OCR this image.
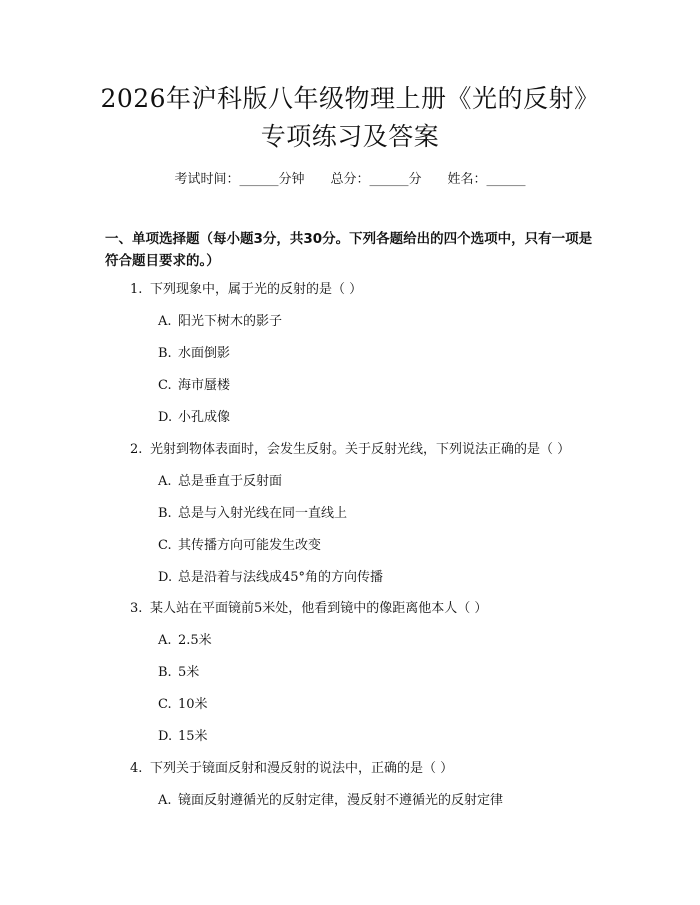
2026年沪科版八年级物理上册《光的反射》
专项练习及答案
考试时间：______分钟 总分：______分 姓名：______
一、单项选择题（每小题3分，共30分。下列各题给出的四个选项中，只有一项是符合题目要求的。）
1. 下列现象中，属于光的反射的是（ ）
A. 阳光下树木的影子
B. 水面倒影
C. 海市蜃楼
D. 小孔成像
2. 光射到物体表面时，会发生反射。关于反射光线，下列说法正确的是（ ）
A. 总是垂直于反射面
B. 总是与入射光线在同一直线上
C. 其传播方向可能发生改变
D. 总是沿着与法线成45°角的方向传播
3. 某人站在平面镜前5米处，他看到镜中的像距离他本人（ ）
A. 2.5米
B. 5米
C. 10米
D. 15米
4. 下列关于镜面反射和漫反射的说法中，正确的是（ ）
A. 镜面反射遵循光的反射定律，漫反射不遵循光的反射定律
